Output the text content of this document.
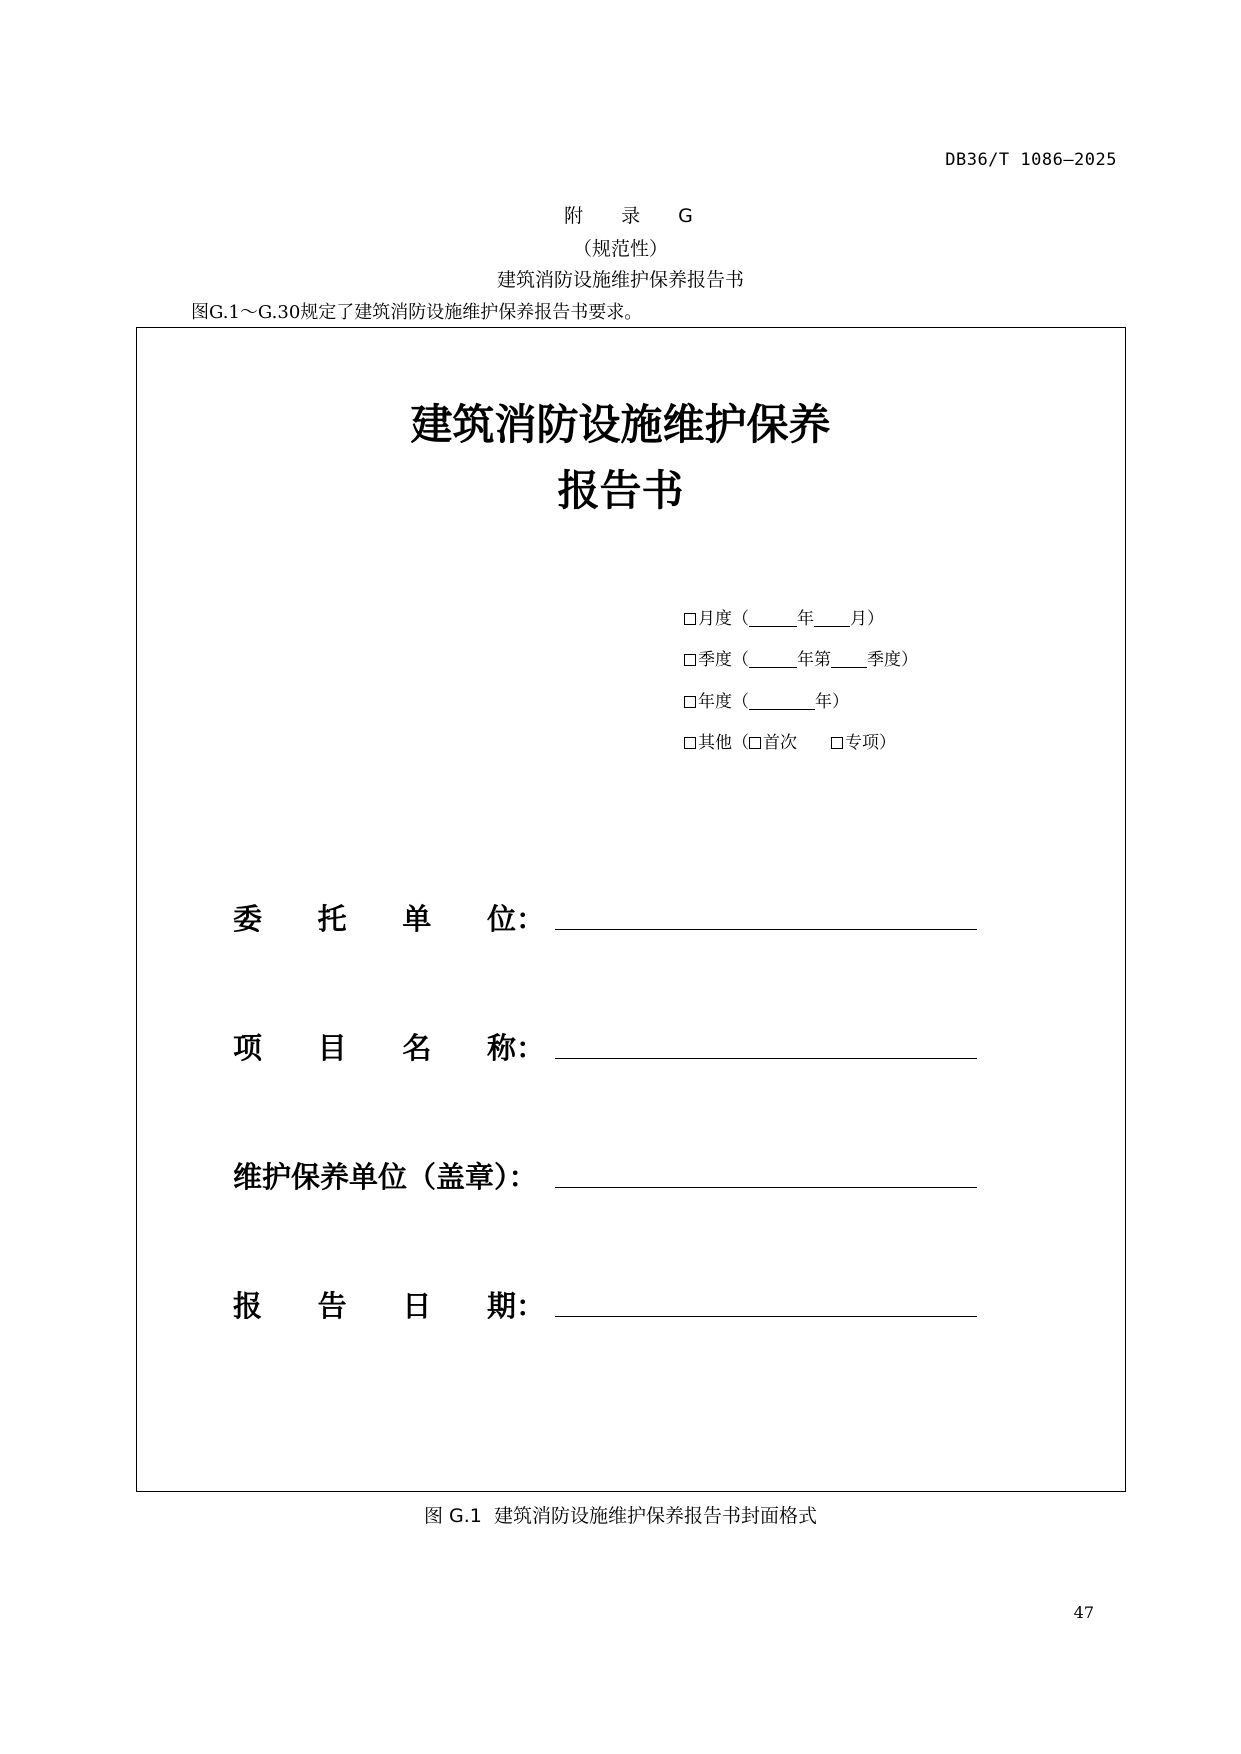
DB36/T 1086—2025
附 录 G
（规范性）
建筑消防设施维护保养报告书
图G.1～G.30规定了建筑消防设施维护保养报告书要求。
建筑消防设施维护保养
报告书
月度（	年 月）
季度（	年第 季度）
年度（	年）
其他（ 首次	专项）
委 托 单 位：
项 目 名 称：
维护保养单位（盖章）：
报 告 日 期：
图 G.1  建筑消防设施维护保养报告书封面格式
47
